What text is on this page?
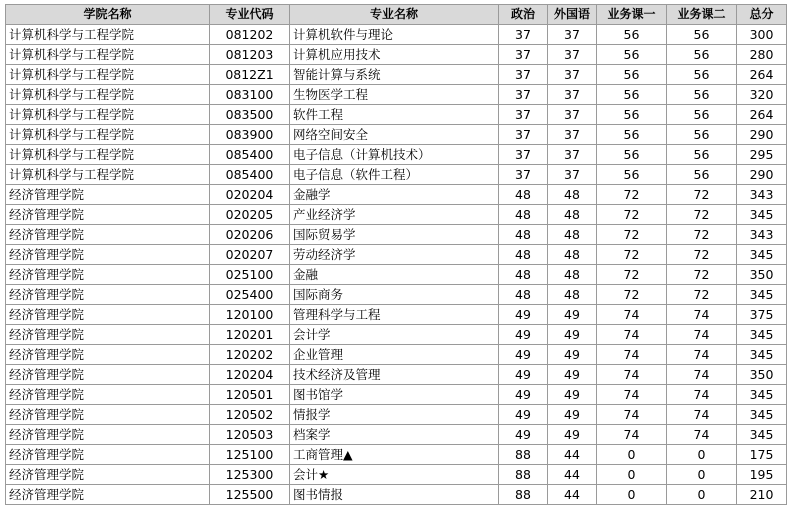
学院名称	专业代码	专业名称	政治	外国语	业务课一	业务课二	总分
计算机科学与工程学院	081202	计算机软件与理论	37	37	56	56	300
计算机科学与工程学院	081203	计算机应用技术	37	37	56	56	280
计算机科学与工程学院	0812Z1	智能计算与系统	37	37	56	56	264
计算机科学与工程学院	083100	生物医学工程	37	37	56	56	320
计算机科学与工程学院	083500	软件工程	37	37	56	56	264
计算机科学与工程学院	083900	网络空间安全	37	37	56	56	290
计算机科学与工程学院	085400	电子信息（计算机技术）	37	37	56	56	295
计算机科学与工程学院	085400	电子信息（软件工程）	37	37	56	56	290
经济管理学院	020204	金融学	48	48	72	72	343
经济管理学院	020205	产业经济学	48	48	72	72	345
经济管理学院	020206	国际贸易学	48	48	72	72	343
经济管理学院	020207	劳动经济学	48	48	72	72	345
经济管理学院	025100	金融	48	48	72	72	350
经济管理学院	025400	国际商务	48	48	72	72	345
经济管理学院	120100	管理科学与工程	49	49	74	74	375
经济管理学院	120201	会计学	49	49	74	74	345
经济管理学院	120202	企业管理	49	49	74	74	345
经济管理学院	120204	技术经济及管理	49	49	74	74	350
经济管理学院	120501	图书馆学	49	49	74	74	345
经济管理学院	120502	情报学	49	49	74	74	345
经济管理学院	120503	档案学	49	49	74	74	345
经济管理学院	125100	工商管理▲	88	44	0	0	175
经济管理学院	125300	会计★	88	44	0	0	195
经济管理学院	125500	图书情报	88	44	0	0	210
